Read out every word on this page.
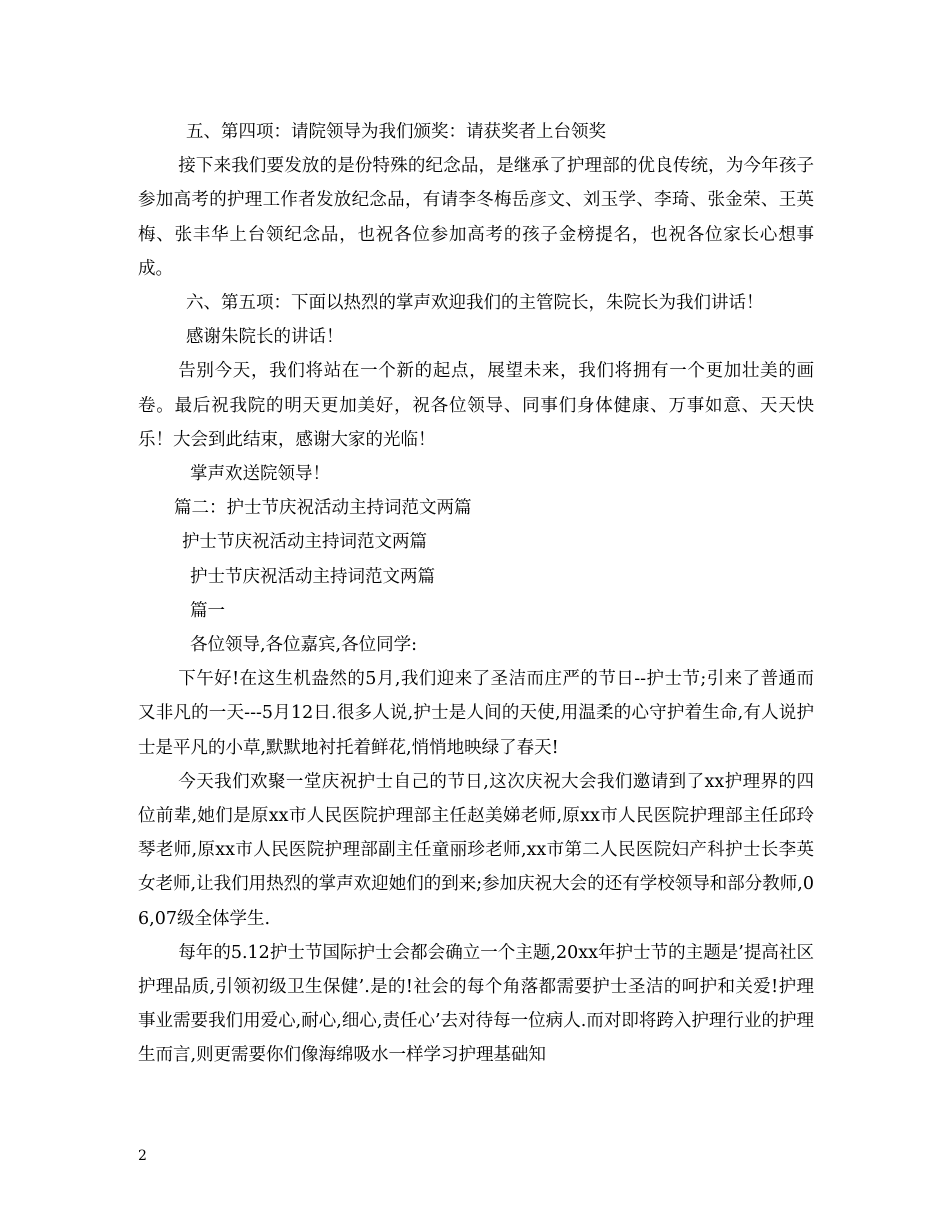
五、第四项：请院领导为我们颁奖：请获奖者上台领奖

接下来我们要发放的是份特殊的纪念品，是继承了护理部的优良传统，为今年孩子参加高考的护理工作者发放纪念品，有请李冬梅岳彦文、刘玉学、李琦、张金荣、王英梅、张丰华上台领纪念品，也祝各位参加高考的孩子金榜提名，也祝各位家长心想事成。

六、第五项：下面以热烈的掌声欢迎我们的主管院长，朱院长为我们讲话！

感谢朱院长的讲话！

告别今天，我们将站在一个新的起点，展望未来，我们将拥有一个更加壮美的画卷。最后祝我院的明天更加美好，祝各位领导、同事们身体健康、万事如意、天天快乐！大会到此结束，感谢大家的光临！

掌声欢送院领导！

篇二：护士节庆祝活动主持词范文两篇

护士节庆祝活动主持词范文两篇

护士节庆祝活动主持词范文两篇

篇一

各位领导,各位嘉宾,各位同学:

下午好!在这生机盎然的5月,我们迎来了圣洁而庄严的节日--护士节;引来了普通而又非凡的一天---5月12日.很多人说,护士是人间的天使,用温柔的心守护着生命,有人说护士是平凡的小草,默默地衬托着鲜花,悄悄地映绿了春天!

今天我们欢聚一堂庆祝护士自己的节日,这次庆祝大会我们邀请到了xx护理界的四位前辈,她们是原xx市人民医院护理部主任赵美娣老师,原xx市人民医院护理部主任邱玲琴老师,原xx市人民医院护理部副主任童丽珍老师,xx市第二人民医院妇产科护士长李英女老师,让我们用热烈的掌声欢迎她们的到来;参加庆祝大会的还有学校领导和部分教师,06,07级全体学生.

每年的5.12护士节国际护士会都会确立一个主题,20xx年护士节的主题是’提高社区护理品质,引领初级卫生保健’.是的!社会的每个角落都需要护士圣洁的呵护和关爱!护理事业需要我们用爱心,耐心,细心,责任心’去对待每一位病人.而对即将跨入护理行业的护理生而言,则更需要你们像海绵吸水一样学习护理基础知

2
